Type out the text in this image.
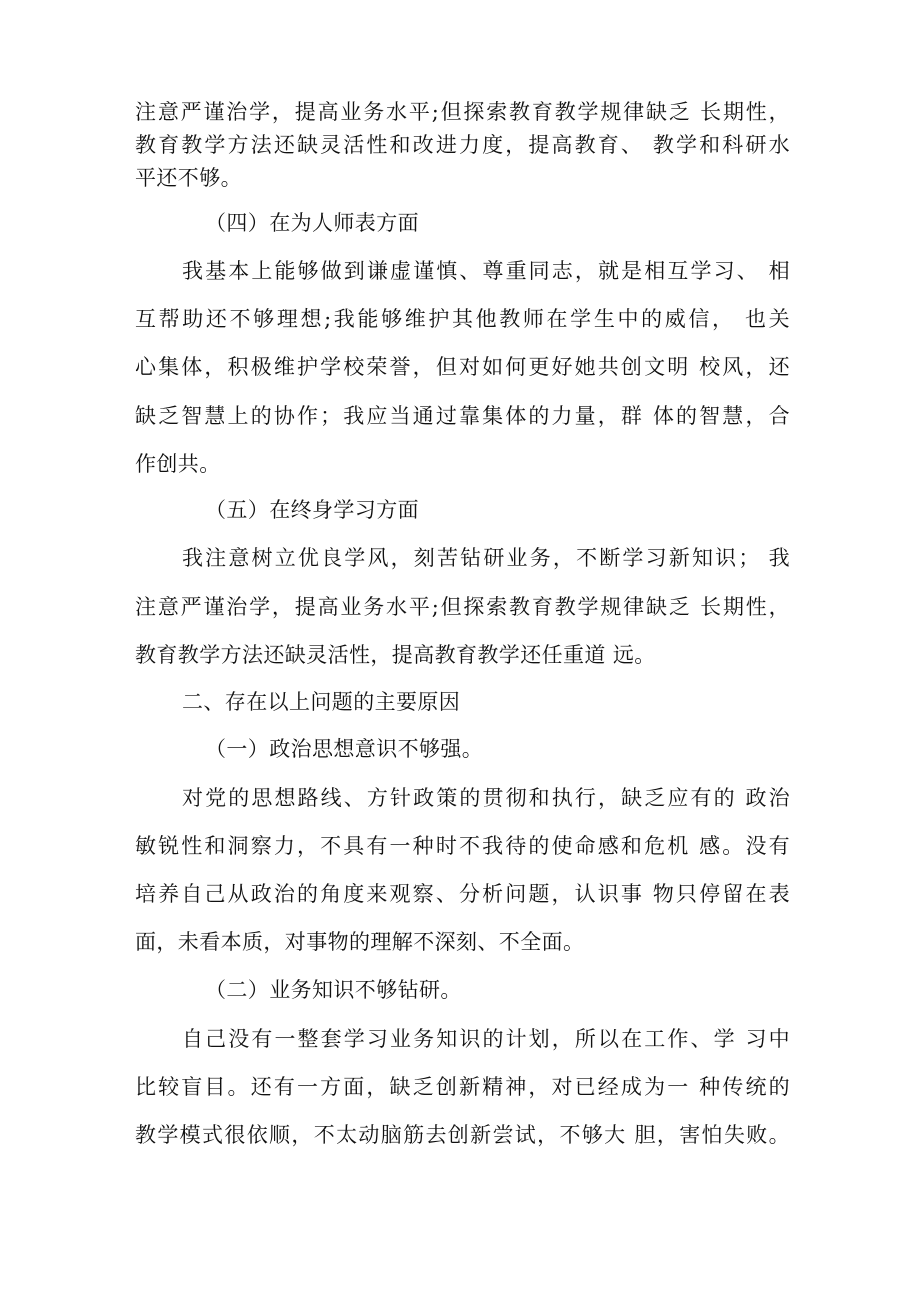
注意严谨治学，提高业务水平;但探索教育教学规律缺乏 长期性，
教育教学方法还缺灵活性和改进力度，提高教育、 教学和科研水
平还不够。
（四）在为人师表方面
我基本上能够做到谦虚谨慎、尊重同志，就是相互学习、 相
互帮助还不够理想;我能够维护其他教师在学生中的威信， 也关
心集体，积极维护学校荣誉，但对如何更好她共创文明 校风，还
缺乏智慧上的协作；我应当通过靠集体的力量，群 体的智慧，合
作创共。
（五）在终身学习方面
我注意树立优良学风，刻苦钻研业务，不断学习新知识； 我
注意严谨治学，提高业务水平;但探索教育教学规律缺乏 长期性，
教育教学方法还缺灵活性，提高教育教学还任重道 远。
二、存在以上问题的主要原因
（一）政治思想意识不够强。
对党的思想路线、方针政策的贯彻和执行，缺乏应有的 政治
敏锐性和洞察力，不具有一种时不我待的使命感和危机 感。没有
培养自己从政治的角度来观察、分析问题，认识事 物只停留在表
面，未看本质，对事物的理解不深刻、不全面。
（二）业务知识不够钻研。
自己没有一整套学习业务知识的计划，所以在工作、学 习中
比较盲目。还有一方面，缺乏创新精神，对已经成为一 种传统的
教学模式很依顺，不太动脑筋去创新尝试，不够大 胆，害怕失败。
